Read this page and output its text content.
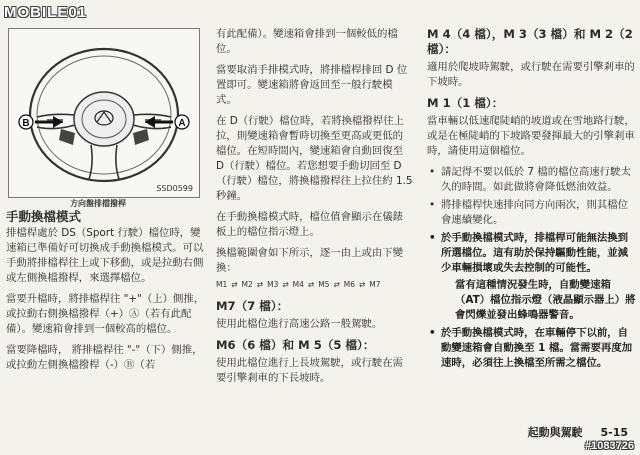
MOBILE01
B	A
SSD0599
方向盤排擋撥桿
手動換檔模式

排檔桿處於 DS（Sport 行駛）檔位時，變速箱已準備好可切換成手動換檔模式。可以手動將排檔桿往上或下移動，或是拉動右側或左側換檔撥桿，來選擇檔位。

當要升檔時，將排檔桿往 "+"（上）側推，或拉動右側換檔撥桿（+）Ⓐ（若有此配備）。變速箱會排到一個較高的檔位。

當要降檔時， 將排檔桿往 "-"（下）側推，或拉動左側換檔撥桿（-）Ⓑ（若

有此配備）。變速箱會排到一個較低的檔位。

當要取消手排模式時，將排檔桿排回 D 位置即可。變速箱將會返回至一般行駛模式。

在 D（行駛）檔位時，若將換檔撥桿往上拉，則變速箱會暫時切換至更高或更低的檔位。在短時間內，變速箱會自動回復至 D（行駛）檔位。若您想要手動切回至 D（行駛）檔位，將換檔撥桿往上拉住約 1.5 秒鐘。

在手動換檔模式時，檔位值會顯示在儀錶板上的檔位指示燈上。

換檔範圍會如下所示，逐一由上或由下變換：

M1 ⇄ M2 ⇄ M3 ⇄ M4 ⇄ M5 ⇄ M6 ⇄ M7
M7（7 檔）：

使用此檔位進行高速公路一般駕駛。

M6（6 檔）和 M 5（5 檔）：

使用此檔位進行上長坡駕駛，或行駛在需要引擎剎車的下長坡時。

M 4（4 檔），M 3（3 檔）和 M 2（2 檔）：

適用於爬坡時駕駛，或行駛在需要引擎剎車的下坡時。

M 1（1 檔）：

當車輛以低速爬陡峭的坡道或在雪地路行駛，或是在極陡峭的下坡路要發揮最大的引擎剎車時，請使用這個檔位。

• 請記得不要以低於 7 檔的檔位高速行駛太久的時間。如此做將會降低燃油效益。
• 將排檔桿快速排向同方向兩次，則其檔位會連續變化。
• 於手動換檔模式時，排檔桿可能無法換到所選檔位。這有助於保持驅動性能，並減少車輛損壞或失去控制的可能性。
當有這種情況發生時，自動變速箱（AT）檔位指示燈（液晶顯示器上）將會閃爍並發出蜂鳴器警音。
• 於手動換檔模式時，在車輛停下以前，自動變速箱會自動換至 1 檔。當需要再度加速時，必須往上換檔至所需之檔位。
起動與駕駛 5-15
#1083726
